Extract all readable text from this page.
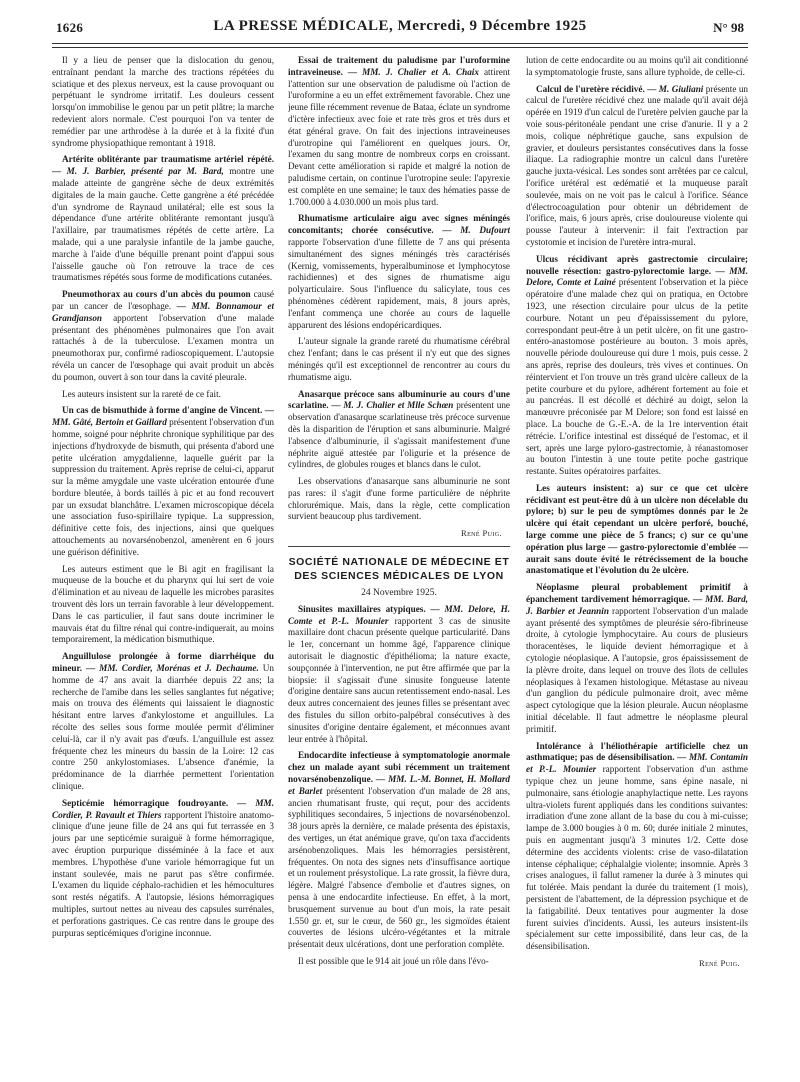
1626	LA PRESSE MÉDICALE, Mercredi, 9 Décembre 1925	N° 98

Il y a lieu de penser que la dislocation du genou, entraînant pendant la marche des tractions répétées du sciatique et des plexus nerveux, est la cause provoquant ou perpétuant le syndrome irritatif. Les douleurs cessent lorsqu'on immobilise le genou par un petit plâtre; la marche redevient alors normale. C'est pourquoi l'on va tenter de remédier par une arthrodèse à la durée et à la fixité d'un syndrome physiopathique remontant à 1918.

Artérite oblitérante par traumatisme artériel répété. — M. J. Barbier, présenté par M. Bard, montre une malade atteinte de gangrène sèche de deux extrémités digitales de la main gauche. Cette gangrène a été précédée d'un syndrome de Raynaud unilatéral; elle est sous la dépendance d'une artérite oblitérante remontant jusqu'à l'axillaire, par traumatismes répétés de cette artère. La malade, qui a une paralysie infantile de la jambe gauche, marche à l'aide d'une béquille prenant point d'appui sous l'aisselle gauche où l'on retrouve la trace de ces traumatismes répétés sous forme de modifications cutanées.

Pneumothorax au cours d'un abcès du poumon causé par un cancer de l'œsophage. — MM. Bonnamour et Grandjanson apportent l'observation d'une malade présentant des phénomènes pulmonaires que l'on avait rattachés à de la tuberculose. L'examen montra un pneumothorax pur, confirmé radioscopiquement. L'autopsie révéla un cancer de l'œsophage qui avait produit un abcès du poumon, ouvert à son tour dans la cavité pleurale.

Les auteurs insistent sur la rareté de ce fait.

Un cas de bismuthide à forme d'angine de Vincent. — MM. Gâté, Bertoin et Gaillard présentent l'observation d'un homme, soigné pour néphrite chronique syphilitique par des injections d'hydroxyde de bismuth, qui présenta d'abord une petite ulcération amygdalienne, laquelle guérit par la suppression du traitement. Après reprise de celui-ci, apparut sur la même amygdale une vaste ulcération entourée d'une bordure bleutée, à bords taillés à pic et au fond recouvert par un exsudat blanchâtre. L'examen microscopique décela une association fuso-spirillaire typique. La suppression, définitive cette fois, des injections, ainsi que quelques attouchements au novarsénobenzol, amenèrent en 6 jours une guérison définitive.

Les auteurs estiment que le Bi agit en fragilisant la muqueuse de la bouche et du pharynx qui lui sert de voie d'élimination et au niveau de laquelle les microbes parasites trouvent dès lors un terrain favorable à leur développement. Dans le cas particulier, il faut sans doute incriminer le mauvais état du filtre rénal qui contre-indiquerait, au moins temporairement, la médication bismuthique.

Anguillulose prolongée à forme diarrhéique du mineur. — MM. Cordier, Morénas et J. Dechaume. Un homme de 47 ans avait la diarrhée depuis 22 ans; la recherche de l'amibe dans les selles sanglantes fut négative; mais on trouva des éléments qui laissaient le diagnostic hésitant entre larves d'ankylostome et anguillules. La récolte des selles sous forme moulée permit d'éliminer celui-là, car il n'y avait pas d'œufs. L'anguillule est assez fréquente chez les mineurs du bassin de la Loire: 12 cas contre 250 ankylostomiases. L'absence d'anémie, la prédominance de la diarrhée permettent l'orientation clinique.

Septicémie hémorragique foudroyante. — MM. Cordier, P. Ravault et Thiers rapportent l'histoire anatomo-clinique d'une jeune fille de 24 ans qui fut terrassée en 3 jours par une septicémie suraiguë à forme hémorragique, avec éruption purpurique disséminée à la face et aux membres. L'hypothèse d'une variole hémorragique fut un instant soulevée, mais ne parut pas s'être confirmée. L'examen du liquide céphalo-rachidien et les hémocultures sont restés négatifs. A l'autopsie, lésions hémorragiques multiples, surtout nettes au niveau des capsules surrénales, et perforations gastriques. Ce cas rentre dans le groupe des purpuras septicémiques d'origine inconnue.

Essai de traitement du paludisme par l'uroformine intraveineuse. — MM. J. Chalier et A. Chaix attirent l'attention sur une observation de paludisme où l'action de l'uroformine a eu un effet extrêmement favorable. Chez une jeune fille récemment revenue de Bataa, éclate un syndrome d'ictère infectieux avec foie et rate très gros et très durs et état général grave. On fait des injections intraveineuses d'urotropine qui l'améliorent en quelques jours. Or, l'examen du sang montre de nombreux corps en croissant. Devant cette amélioration si rapide et malgré la notion de paludisme certain, on continue l'urotropine seule: l'apyrexie est complète en une semaine; le taux des hématies passe de 1.700.000 à 4.030.000 un mois plus tard.

Rhumatisme articulaire aigu avec signes méningés concomitants; chorée consécutive. — M. Dufourt rapporte l'observation d'une fillette de 7 ans qui présenta simultanément des signes méningés très caractérisés (Kernig, vomissements, hyperalbuminose et lymphocytose rachidiennes) et des signes de rhumatisme aigu polyarticulaire. Sous l'influence du salicylate, tous ces phénomènes cédèrent rapidement, mais, 8 jours après, l'enfant commença une chorée au cours de laquelle apparurent des lésions endopéricardiques.

L'auteur signale la grande rareté du rhumatisme cérébral chez l'enfant; dans le cas présent il n'y eut que des signes méningés qu'il est exceptionnel de rencontrer au cours du rhumatisme aigu.

Anasarque précoce sans albuminurie au cours d'une scarlatine. — M. J. Chalier et Mlle Schœn présentent une observation d'anasarque scarlatineuse très précoce survenue dès la disparition de l'éruption et sans albuminurie. Malgré l'absence d'albuminurie, il s'agissait manifestement d'une néphrite aiguë attestée par l'oligurie et la présence de cylindres, de globules rouges et blancs dans le culot.

Les observations d'anasarque sans albuminurie ne sont pas rares: il s'agit d'une forme particulière de néphrite chlorurémique. Mais, dans la règle, cette complication survient beaucoup plus tardivement.

René Puig.
SOCIÉTÉ NATIONALE DE MÉDECINE ET DES SCIENCES MÉDICALES DE LYON
24 Novembre 1925.

Sinusites maxillaires atypiques. — MM. Delore, H. Comte et P.-L. Mounier rapportent 3 cas de sinusite maxillaire dont chacun présente quelque particularité. Dans le 1er, concernant un homme âgé, l'apparence clinique autorisait le diagnostic d'épithélioma; la nature exacte, soupçonnée à l'intervention, ne put être affirmée que par la biopsie: il s'agissait d'une sinusite fongueuse latente d'origine dentaire sans aucun retentissement endo-nasal. Les deux autres concernaient des jeunes filles se présentant avec des fistules du sillon orbito-palpébral consécutives à des sinusites d'origine dentaire également, et méconnues avant leur entrée à l'hôpital.

Endocardite infectieuse à symptomatologie anormale chez un malade ayant subi récemment un traitement novarsénobenzolique. — MM. L.-M. Bonnet, H. Mollard et Barlet présentent l'observation d'un malade de 28 ans, ancien rhumatisant fruste, qui reçut, pour des accidents syphilitiques secondaires, 5 injections de novarsénobenzol. 38 jours après la dernière, ce malade présenta des épistaxis, des vertiges, un état anémique grave, qu'on taxa d'accidents arsénobenzoliques. Mais les hémorragies persistèrent, fréquentes. On nota des signes nets d'insuffisance aortique et un roulement présystolique. La rate grossit, la fièvre dura, légère. Malgré l'absence d'embolie et d'autres signes, on pensa à une endocardite infectieuse. En effet, à la mort, brusquement survenue au bout d'un mois, la rate pesait 1.550 gr. et, sur le cœur, de 560 gr., les sigmoïdes étaient couvertes de lésions ulcéro-végétantes et la mitrale présentait deux ulcérations, dont une perforation complète.

Il est possible que le 914 ait joué un rôle dans l'évo-

lution de cette endocardite ou au moins qu'il ait conditionné la symptomatologie fruste, sans allure typhoïde, de celle-ci.

Calcul de l'uretère récidivé. — M. Giuliani présente un calcul de l'uretère récidivé chez une malade qu'il avait déjà opérée en 1919 d'un calcul de l'uretère pelvien gauche par la voie sous-péritonéale pendant une crise d'anurie. Il y a 2 mois, colique néphrétique gauche, sans expulsion de gravier, et douleurs persistantes consécutives dans la fosse iliaque. La radiographie montre un calcul dans l'uretère gauche juxta-vésical. Les sondes sont arrêtées par ce calcul, l'orifice urétéral est œdématié et la muqueuse paraît soulevée, mais on ne voit pas le calcul à l'orifice. Séance d'électrocoagulation pour obtenir un débridement de l'orifice, mais, 6 jours après, crise douloureuse violente qui pousse l'auteur à intervenir: il fait l'extraction par cystotomie et incision de l'uretère intra-mural.

Ulcus récidivant après gastrectomie circulaire; nouvelle résection: gastro-pylorectomie large. — MM. Delore, Comte et Lainé présentent l'observation et la pièce opératoire d'une malade chez qui on pratiqua, en Octobre 1923, une résection circulaire pour ulcus de la petite courbure. Notant un peu d'épaississement du pylore, correspondant peut-être à un petit ulcère, on fit une gastro-entéro-anastomose postérieure au bouton. 3 mois après, nouvelle période douloureuse qui dure 1 mois, puis cesse. 2 ans après, reprise des douleurs, très vives et continues. On réintervient et l'on trouve un très grand ulcère calleux de la petite courbure et du pylore, adhérent fortement au foie et au pancréas. Il est décollé et déchiré au doigt, selon la manœuvre préconisée par M Delore; son fond est laissé en place. La bouche de G.-E.-A. de la 1re intervention était rétrécie. L'orifice intestinal est disséqué de l'estomac, et il sert, après une large pyloro-gastrectomie, à réanastomoser au bouton l'intestin à une toute petite poche gastrique restante. Suites opératoires parfaites.

Les auteurs insistent: a) sur ce que cet ulcère récidivant est peut-être dû à un ulcère non décelable du pylore; b) sur le peu de symptômes donnés par le 2e ulcère qui était cependant un ulcère perforé, bouché, large comme une pièce de 5 francs; c) sur ce qu'une opération plus large — gastro-pylorectomie d'emblée — aurait sans doute évité le rétrécissement de la bouche anastomatique et l'évolution du 2e ulcère.

Néoplasme pleural probablement primitif à épanchement tardivement hémorragique. — MM. Bard, J. Barbier et Jeannin rapportent l'observation d'un malade ayant présenté des symptômes de pleurésie séro-fibrineuse droite, à cytologie lymphocytaire. Au cours de plusieurs thoracentèses, le liquide devient hémorragique et à cytologie néoplasique. A l'autopsie, gros épaississement de la plèvre droite, dans lequel on trouve des îlots de cellules néoplasiques à l'examen histologique. Métastase au niveau d'un ganglion du pédicule pulmonaire droit, avec même aspect cytologique que la lésion pleurale. Aucun néoplasme initial décelable. Il faut admettre le néoplasme pleural primitif.

Intolérance à l'héliothérapie artificielle chez un asthmatique; pas de désensibilisation. — MM. Contamin et P.-L. Mounier rapportent l'observation d'un asthme typique chez un jeune homme, sans épine nasale, ni pulmonaire, sans étiologie anaphylactique nette. Les rayons ultra-violets furent appliqués dans les conditions suivantes: irradiation d'une zone allant de la base du cou à mi-cuisse; lampe de 3.000 bougies à 0 m. 60; durée initiale 2 minutes, puis en augmentant jusqu'à 3 minutes 1/2. Cette dose détermine des accidents violents: crise de vaso-dilatation intense céphalique; céphalalgie violente; insomnie. Après 3 crises analogues, il fallut ramener la durée à 3 minutes qui fut tolérée. Mais pendant la durée du traitement (1 mois), persistent de l'abattement, de la dépression psychique et de la fatigabilité. Deux tentatives pour augmenter la dose furent suivies d'incidents. Aussi, les auteurs insistent-ils spécialement sur cette impossibilité, dans leur cas, de la désensibilisation.

René Puig.
